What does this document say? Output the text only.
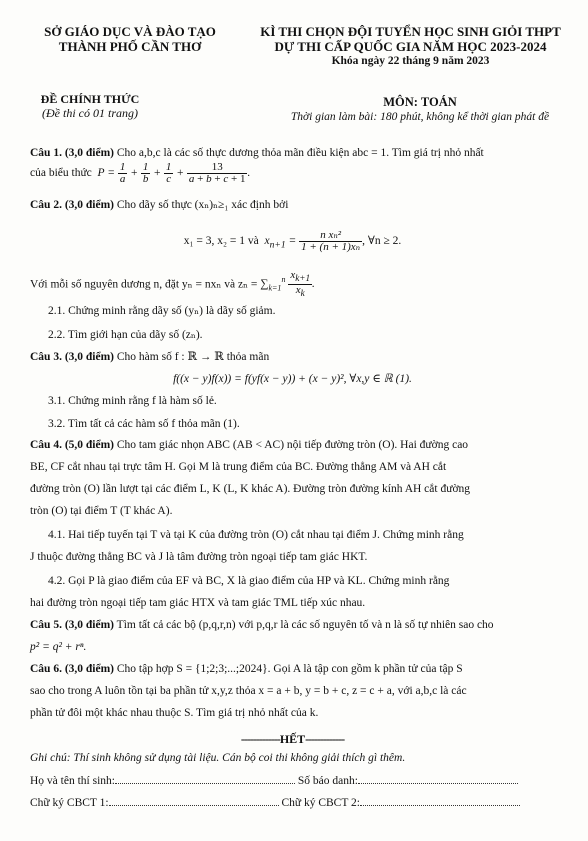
SỞ GIÁO DỤC VÀ ĐÀO TẠO
THÀNH PHỐ CẦN THƠ
KÌ THI CHỌN ĐỘI TUYỂN HỌC SINH GIỎI THPT
DỰ THI CẤP QUỐC GIA NĂM HỌC 2023-2024
Khóa ngày 22 tháng 9 năm 2023
ĐỀ CHÍNH THỨC
(Đề thi có 01 trang)
MÔN: TOÁN
Thời gian làm bài: 180 phút, không kể thời gian phát đề
Câu 1. (3,0 điểm) Cho a,b,c là các số thực dương thỏa mãn điều kiện abc = 1. Tìm giá trị nhỏ nhất
của biểu thức  $P = \frac{1}{a} + \frac{1}{b} + \frac{1}{c} + \frac{13}{a + b + c + 1}$ .
Câu 2. (3,0 điểm) Cho dãy số thực (xₙ)ₙ≥₁ xác định bởi
x₁ = 3, x₂ = 1 và  $x_{n+1} = \frac{\text{n xₙ²}}{\text{1 + (n + 1)xₙ}}$ , ∀n ≥ 2.
Với mỗi số nguyên dương n, đặt yₙ = nxₙ và $z_n = \sum_{k=1}^n \frac{x_{k+1}}{x_k}$ .
2.1. Chứng minh rằng dãy số (yₙ) là dãy số giảm.
2.2. Tìm giới hạn của dãy số (zₙ).
Câu 3. (3,0 điểm) Cho hàm số f : ℝ → ℝ thỏa mãn
f((x − y)f(x)) = f(yf(x − y)) + (x − y)², ∀x,y ∈ ℝ (1).
3.1. Chứng minh rằng f là hàm số lẻ.
3.2. Tìm tất cả các hàm số f thỏa mãn (1).
Câu 4. (5,0 điểm) Cho tam giác nhọn ABC (AB < AC) nội tiếp đường tròn (O). Hai đường cao
BE, CF cắt nhau tại trực tâm H. Gọi M là trung điểm của BC. Đường thẳng AM và AH cắt
đường tròn (O) lần lượt tại các điểm L, K (L, K khác A). Đường tròn đường kính AH cắt đường
tròn (O) tại điểm T (T khác A).
4.1. Hai tiếp tuyến tại T và tại K của đường tròn (O) cắt nhau tại điểm J. Chứng minh rằng
J thuộc đường thẳng BC và J là tâm đường tròn ngoại tiếp tam giác HKT.
4.2. Gọi P là giao điểm của EF và BC, X là giao điểm của HP và KL. Chứng minh rằng
hai đường tròn ngoại tiếp tam giác HTX và tam giác TML tiếp xúc nhau.
Câu 5. (3,0 điểm) Tìm tất cả các bộ (p,q,r,n) với p,q,r là các số nguyên tố và n là số tự nhiên sao cho
p² = q² + rⁿ.
Câu 6. (3,0 điểm) Cho tập hợp S = {1;2;3;...;2024}. Gọi A là tập con gồm k phần tử của tập S
sao cho trong A luôn tồn tại ba phần tử x,y,z thỏa x = a + b, y = b + c, z = c + a, với a,b,c là các
phần tử đôi một khác nhau thuộc S. Tìm giá trị nhỏ nhất của k.
-------------HẾT-------------
Ghi chú: Thí sinh không sử dụng tài liệu. Cán bộ coi thi không giải thích gì thêm.
Họ và tên thí sinh:	Số báo danh:
Chữ ký CBCT 1:	Chữ ký CBCT 2:
